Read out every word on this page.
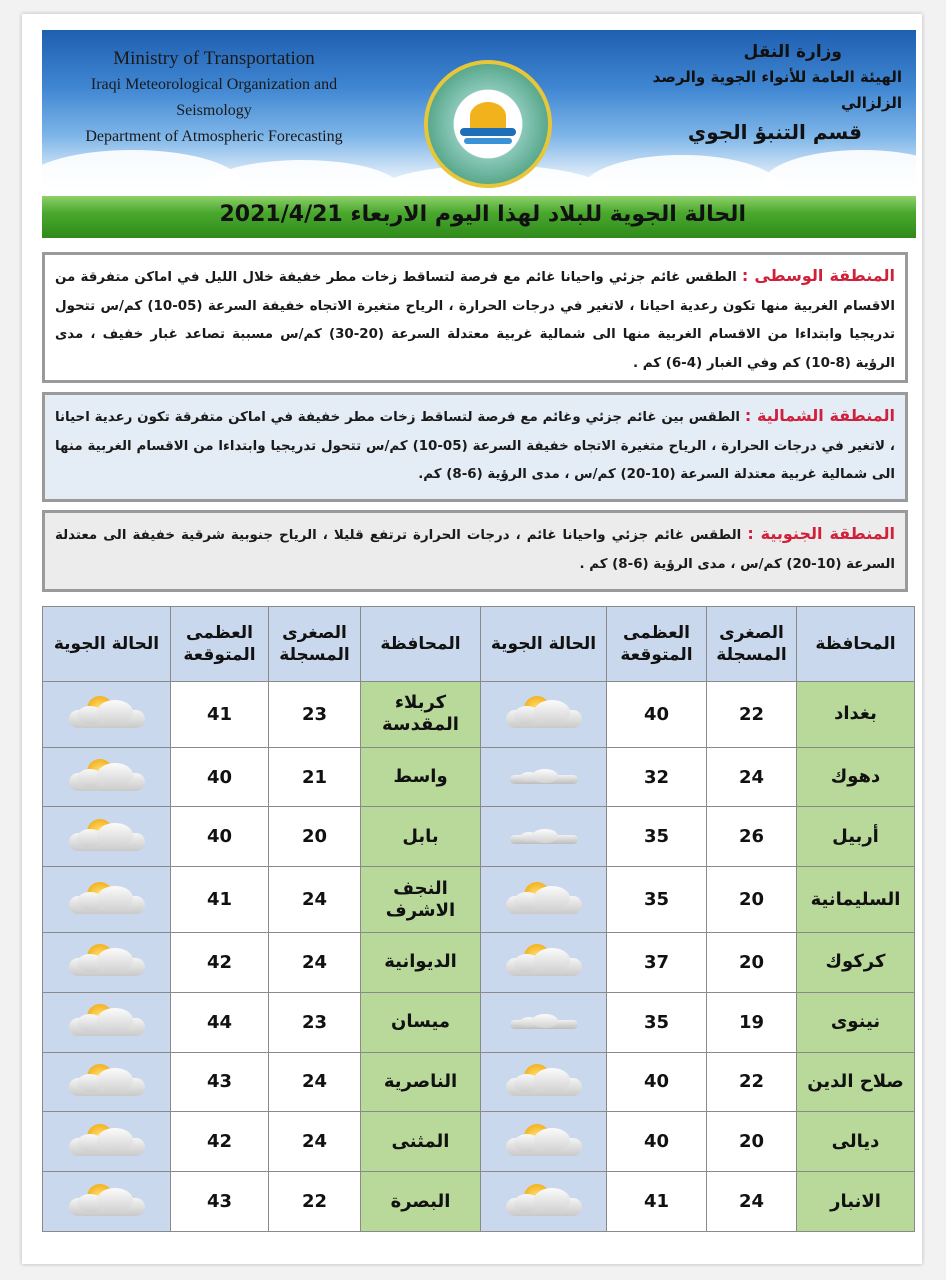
Ministry of Transportation
Iraqi Meteorological Organization and Seismology
Department of Atmospheric Forecasting
وزارة النقل
الهيئة العامة للأنواء الجوية والرصد الزلزالي
قسم التنبؤ الجوي
الحالة الجوية للبلاد لهذا اليوم الاربعاء 2021/4/21
المنطقة الوسطى : الطقس غائم جزئي واحيانا غائم مع فرصة لتساقط زخات مطر خفيفة خلال الليل في اماكن متفرقة من الاقسام الغربية منها تكون رعدية احيانا ، لاتغير في درجات الحرارة ، الرياح متغيرة الاتجاه خفيفة السرعة (05-10) كم/س تتحول تدريجيا وابتداءا من الاقسام الغربية منها الى شمالية غربية معتدلة السرعة (20-30) كم/س مسببة تصاعد غبار خفيف ، مدى الرؤية (8-10) كم وفي الغبار (4-6) كم .
المنطقة الشمالية : الطقس بين غائم جزئي وغائم مع فرصة لتساقط زخات مطر خفيفة في اماكن متفرقة تكون رعدية احيانا ، لاتغير في درجات الحرارة ، الرياح متغيرة الاتجاه خفيفة السرعة (05-10) كم/س تتحول تدريجيا وابتداءا من الاقسام الغربية منها الى شمالية غربية معتدلة السرعة (10-20) كم/س ، مدى الرؤية (6-8) كم.
المنطقة الجنوبية : الطقس غائم جزئي واحيانا غائم ، درجات الحرارة ترتفع قليلا ، الرياح جنوبية شرقية خفيفة الى معتدلة السرعة (10-20) كم/س ، مدى الرؤية (6-8) كم .
المحافظة	الصغرى المسجلة	العظمى المتوقعة	الحالة الجوية	المحافظة	الصغرى المسجلة	العظمى المتوقعة	الحالة الجوية
بغداد	22	40		كربلاء المقدسة	23	41	

دهوك	24	32		واسط	21	40	

أربيل	26	35		بابل	20	40	

السليمانية	20	35		النجف الاشرف	24	41	

كركوك	20	37		الديوانية	24	42	

نينوى	19	35		ميسان	23	44	

صلاح الدين	22	40		الناصرية	24	43	

ديالى	20	40		المثنى	24	42	

الانبار	24	41		البصرة	22	43	
